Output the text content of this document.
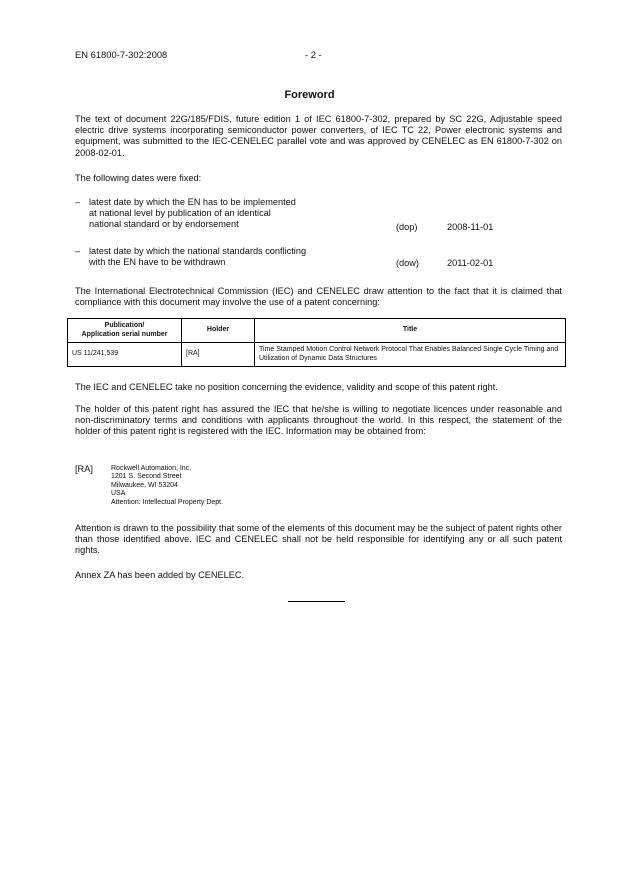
EN 61800-7-302:2008	- 2 -
Foreword

The text of document 22G/185/FDIS, future edition 1 of IEC 61800-7-302, prepared by SC 22G, Adjustable speed electric drive systems incorporating semiconductor power converters, of IEC TC 22, Power electronic systems and equipment, was submitted to the IEC-CENELEC parallel vote and was approved by CENELEC as EN 61800-7-302 on 2008-02-01.

The following dates were fixed:
– latest date by which the EN has to be implemented
at national level by publication of an identical
national standard or by endorsement	(dop)	2008-11-01
– latest date by which the national standards conflicting
with the EN have to be withdrawn	(dow)	2011-02-01

The International Electrotechnical Commission (IEC) and CENELEC draw attention to the fact that it is claimed that compliance with this document may involve the use of a patent concerning:

Publication/
Application serial number	Holder	Title
US 11/241,539	[RA]	Time Stamped Motion Control Network Protocol That Enables Balanced Single Cycle Timing and Utilization of Dynamic Data Structures
The IEC and CENELEC take no position concerning the evidence, validity and scope of this patent right.

The holder of this patent right has assured the IEC that he/she is willing to negotiate licences under reasonable and non-discriminatory terms and conditions with applicants throughout the world. In this respect, the statement of the holder of this patent right is registered with the IEC. Information may be obtained from:

[RA]	Rockwell Automation, Inc.
1201 S. Second Street
Milwaukee, WI 53204
USA
Attention: Intellectual Property Dept.

Attention is drawn to the possibility that some of the elements of this document may be the subject of patent rights other than those identified above. IEC and CENELEC shall not be held responsible for identifying any or all such patent rights.

Annex ZA has been added by CENELEC.
